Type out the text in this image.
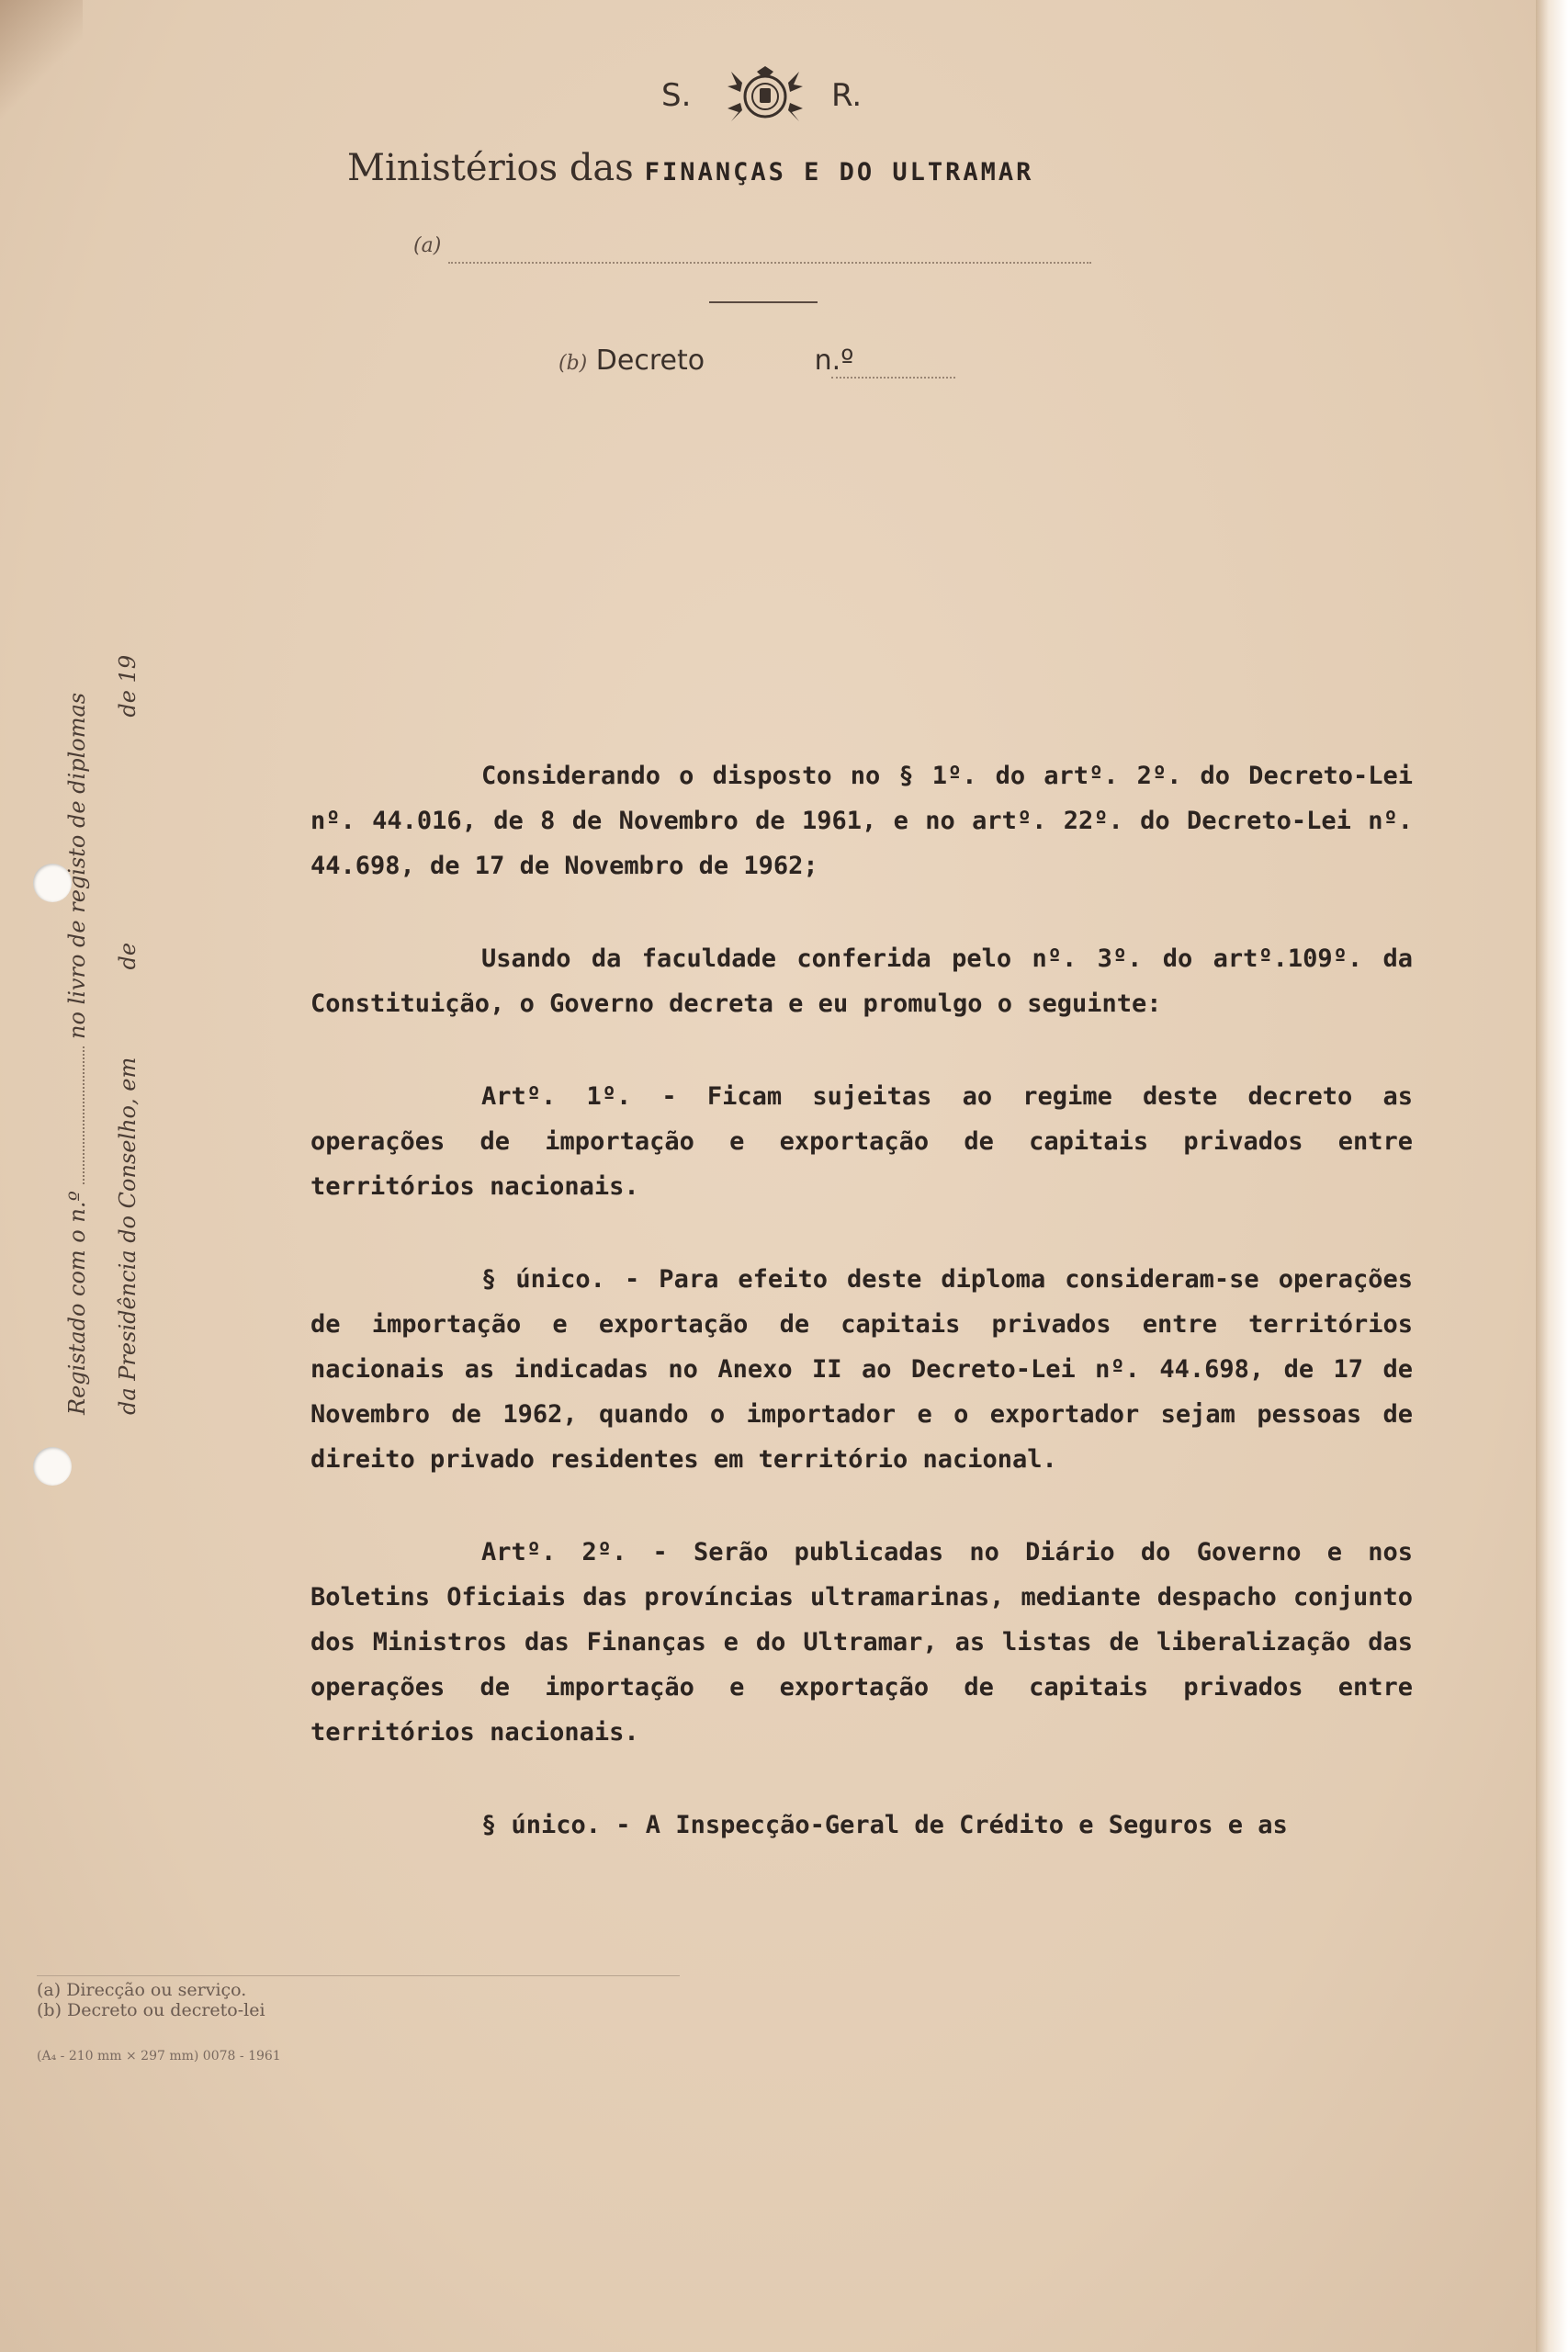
S.	R.
Ministérios das FINANÇAS E DO ULTRAMAR
(a)
(b) Decreto	n.º
Registado com o n.º  no livro de registo de diplomas
da Presidência do Conselho, em  de  de 19

Considerando o disposto no § 1º. do artº. 2º. do Decreto-Lei nº. 44.016, de 8 de Novembro de 1961, e no artº. 22º. do Decreto-Lei nº. 44.698, de 17 de Novembro de 1962;

Usando da faculdade conferida pelo nº. 3º. do artº.109º. da Constituição, o Governo decreta e eu promulgo o seguinte:

Artº. 1º. - Ficam sujeitas ao regime deste decreto as operações de importação e exportação de capitais privados entre territórios nacionais.

§ único. - Para efeito deste diploma consideram-se operações de importação e exportação de capitais privados entre territórios nacionais as indicadas no Anexo II ao Decreto-Lei nº. 44.698, de 17 de Novembro de 1962, quando o importador e o exportador sejam pessoas de direito privado residentes em território nacional.

Artº. 2º. - Serão publicadas no Diário do Governo e nos Boletins Oficiais das províncias ultramarinas, mediante despacho conjunto dos Ministros das Finanças e do Ultramar, as listas de liberalização das operações de importação e exportação de capitais privados entre territórios nacionais.

§ único. - A Inspecção-Geral de Crédito e Seguros e as

(a) Direcção ou serviço.
(b) Decreto ou decreto-lei
(A₄ - 210 mm × 297 mm) 0078 - 1961
